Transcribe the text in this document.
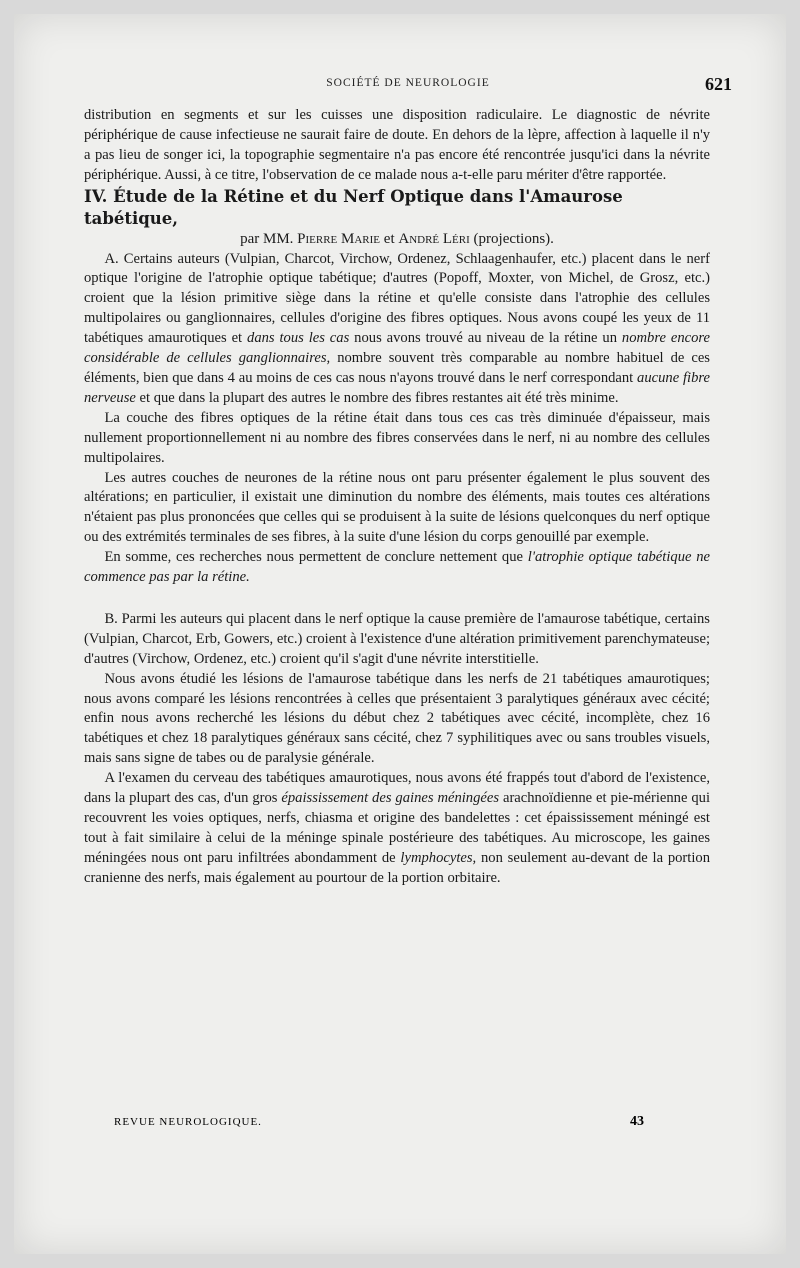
SOCIÉTÉ DE NEUROLOGIE	621

distribution en segments et sur les cuisses une disposition radiculaire. Le diagnostic de névrite périphérique de cause infectieuse ne saurait faire de doute. En dehors de la lèpre, affection à laquelle il n'y a pas lieu de songer ici, la topographie segmentaire n'a pas encore été rencontrée jusqu'ici dans la névrite périphérique. Aussi, à ce titre, l'observation de ce malade nous a-t-elle paru mériter d'être rapportée.

IV. Étude de la Rétine et du Nerf Optique dans l'Amaurose tabétique,

par MM. Pierre Marie et André Léri (projections).

A. Certains auteurs (Vulpian, Charcot, Virchow, Ordenez, Schlaagenhaufer, etc.) placent dans le nerf optique l'origine de l'atrophie optique tabétique; d'autres (Popoff, Moxter, von Michel, de Grosz, etc.) croient que la lésion primitive siège dans la rétine et qu'elle consiste dans l'atrophie des cellules multipolaires ou ganglionnaires, cellules d'origine des fibres optiques. Nous avons coupé les yeux de 11 tabétiques amaurotiques et dans tous les cas nous avons trouvé au niveau de la rétine un nombre encore considérable de cellules ganglionnaires, nombre souvent très comparable au nombre habituel de ces éléments, bien que dans 4 au moins de ces cas nous n'ayons trouvé dans le nerf correspondant aucune fibre nerveuse et que dans la plupart des autres le nombre des fibres restantes ait été très minime.

La couche des fibres optiques de la rétine était dans tous ces cas très diminuée d'épaisseur, mais nullement proportionnellement ni au nombre des fibres conservées dans le nerf, ni au nombre des cellules multipolaires.

Les autres couches de neurones de la rétine nous ont paru présenter également le plus souvent des altérations; en particulier, il existait une diminution du nombre des éléments, mais toutes ces altérations n'étaient pas plus prononcées que celles qui se produisent à la suite de lésions quelconques du nerf optique ou des extrémités terminales de ses fibres, à la suite d'une lésion du corps genouillé par exemple.

En somme, ces recherches nous permettent de conclure nettement que l'atrophie optique tabétique ne commence pas par la rétine.

B. Parmi les auteurs qui placent dans le nerf optique la cause première de l'amaurose tabétique, certains (Vulpian, Charcot, Erb, Gowers, etc.) croient à l'existence d'une altération primitivement parenchymateuse; d'autres (Virchow, Ordenez, etc.) croient qu'il s'agit d'une névrite interstitielle.

Nous avons étudié les lésions de l'amaurose tabétique dans les nerfs de 21 tabétiques amaurotiques; nous avons comparé les lésions rencontrées à celles que présentaient 3 paralytiques généraux avec cécité; enfin nous avons recherché les lésions du début chez 2 tabétiques avec cécité, incomplète, chez 16 tabétiques et chez 18 paralytiques généraux sans cécité, chez 7 syphilitiques avec ou sans troubles visuels, mais sans signe de tabes ou de paralysie générale.

A l'examen du cerveau des tabétiques amaurotiques, nous avons été frappés tout d'abord de l'existence, dans la plupart des cas, d'un gros épaississement des gaines méningées arachnoïdienne et pie-mérienne qui recouvrent les voies optiques, nerfs, chiasma et origine des bandelettes : cet épaississement méningé est tout à fait similaire à celui de la méninge spinale postérieure des tabétiques. Au microscope, les gaines méningées nous ont paru infiltrées abondamment de lymphocytes, non seulement au-devant de la portion cranienne des nerfs, mais également au pourtour de la portion orbitaire.

REVUE NEUROLOGIQUE.	43
